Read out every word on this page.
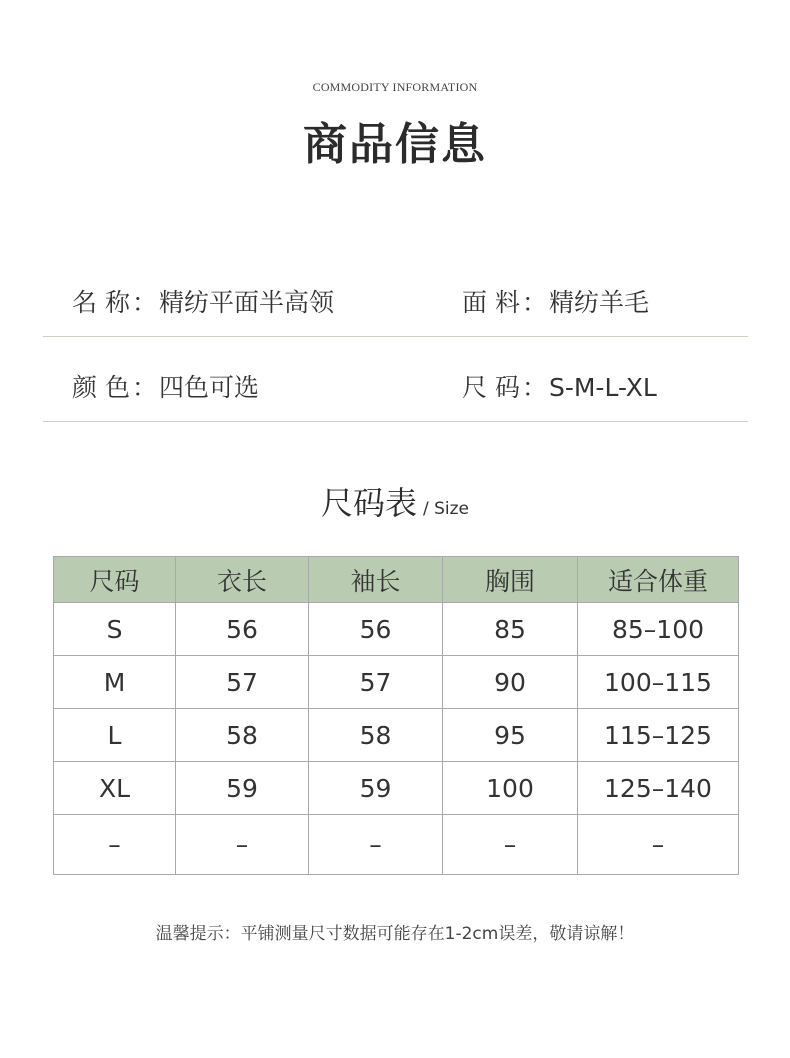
COMMODITY INFORMATION
商品信息
名 称：精纺平面半高领	面 料：精纺羊毛
颜 色：四色可选	尺 码：S-M-L-XL
尺码表 / Size
尺码	衣长	袖长	胸围	适合体重
S	56	56	85	85–100
M	57	57	90	100–115
L	58	58	95	115–125
XL	59	59	100	125–140
–	–	–	–	–
温馨提示：平铺测量尺寸数据可能存在1-2cm误差，敬请谅解！
